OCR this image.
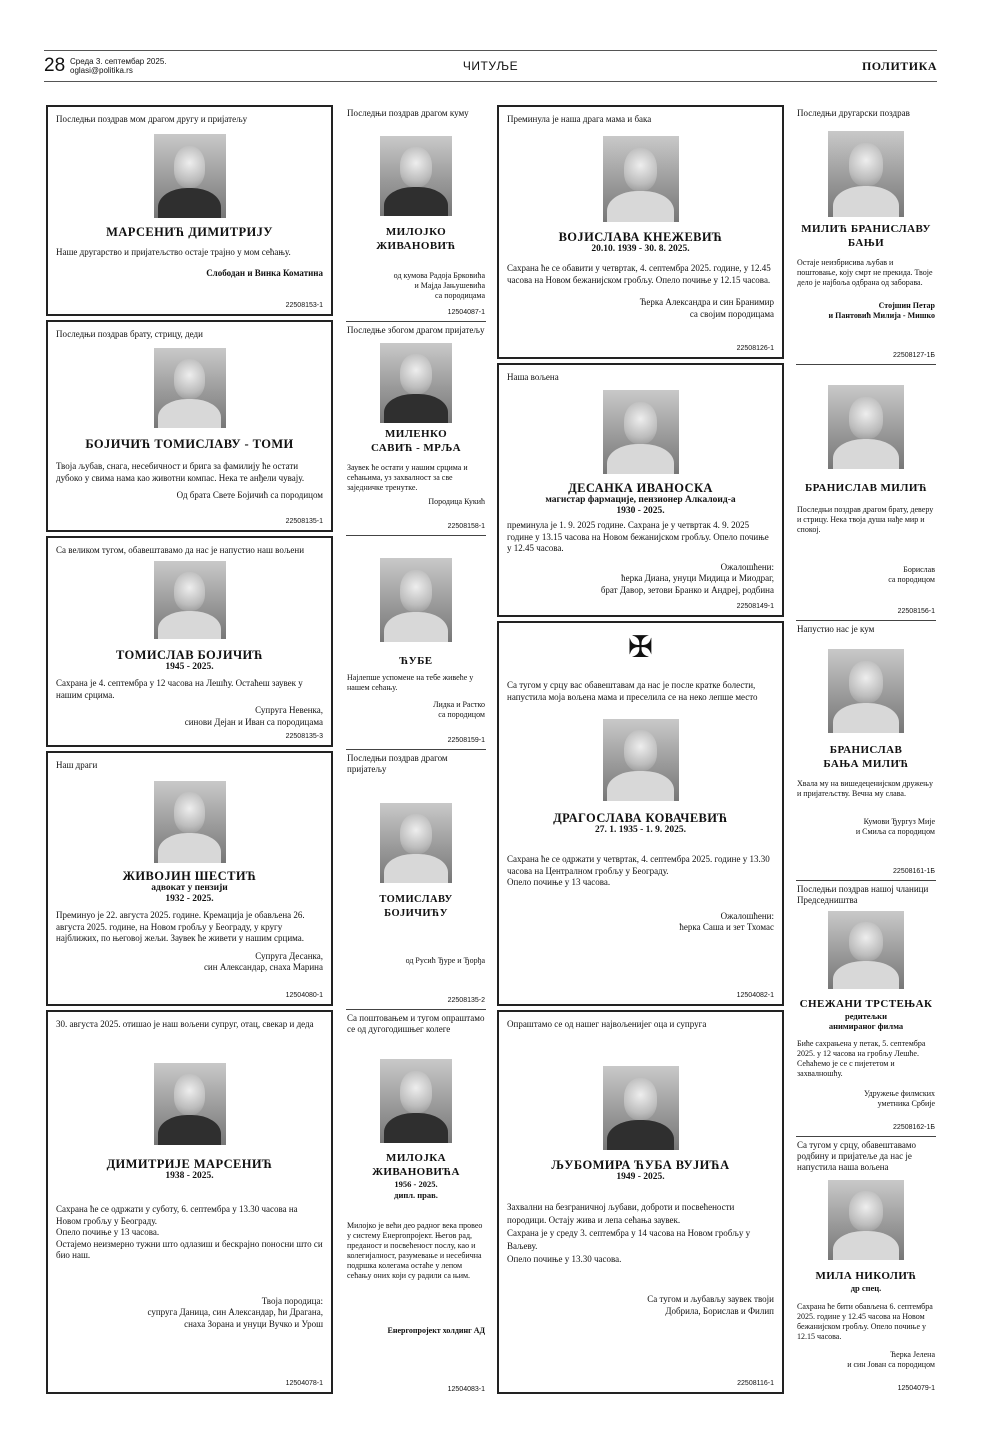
28 Среда 3. септембар 2025.
oglasi@politika.rs	ЧИТУЉЕ	ПОЛИТИКА
Последњи поздрав мом драгом другу и пријатељу
МАРСЕНИЋ ДИМИТРИЈУ
Наше другарство и пријатељство остаје трајно у мом сећању.
Слободан и Винка Коматина
22508153-1
Последњи поздрав брату, стрицу, деди
БОЈИЧИЋ ТОМИСЛАВУ - ТОМИ
Твоја љубав, снага, несебичност и брига за фамилију ће остати дубоко у свима нама као животни компас. Нека те анђели чувају.
Од брата Свете Бојичић са породицом
22508135-1
Са великом тугом, обавештавамо да нас је напустио наш вољени
ТОМИСЛАВ БОЈИЧИЋ
1945 - 2025.
Сахрана је 4. септембра у 12 часова на Лешћу. Остаћеш заувек у нашим срцима.
Супруга Невенка,
синови Дејан и Иван са породицама
22508135-3
Наш драги
ЖИВОЈИН ШЕСТИЋ
адвокат у пензији
1932 - 2025.
Преминуо је 22. августа 2025. године. Кремација је обављена 26. августа 2025. године, на Новом гробљу у Београду, у кругу најближих, по његовој жељи. Заувек ће живети у нашим срцима.
Супруга Десанка,
син Александар, снаха Марина
12504080-1
30. августа 2025. отишао је наш вољени супруг, отац, свекар и деда
ДИМИТРИЈЕ МАРСЕНИЋ
1938 - 2025.
Сахрана ће се одржати у суботу, 6. септембра у 13.30 часова на Новом гробљу у Београду.
Опело почиње у 13 часова.
Остајемо неизмерно тужни што одлазиш и бескрајно поносни што си био наш.
Твоја породица:
супруга Даница, син Александар, ћи Драгана,
снаха Зорана и унуци Вучко и Урош
12504078-1
Последњи поздрав драгом куму
МИЛОЈКО ЖИВАНОВИЋ
од кумова Радоја Брковића
и Мајда Јањушевића
са породицама
12504087-1
Последње збогом драгом пријатељу
МИЛЕНКО
САВИЋ - МРЉА
Заувек ће остати у нашим срцима и сећањима, уз захвалност за све заједничке тренутке.
Породица Кукић
22508158-1
ЋУБЕ
Најлепше успомене на тебе живеће у нашем сећању.
Лидка и Растко
са породицом
22508159-1
Последњи поздрав драгом пријатељу
ТОМИСЛАВУ БОЈИЧИЋУ
од Русић Ђуре и Ђорђа
22508135-2
Са поштовањем и тугом опраштамо се од дугогодишњег колеге
МИЛОЈКА
ЖИВАНОВИЋА
1956 - 2025.
дипл. прав.
Милојко је већи део радног века провео у систему Енергопројект. Његов рад, преданост и посвећеност послу, као и колегијалност, разумевање и несебична подршка колегама остаће у лепом сећању оних који су радили са њим.
Енергопројект холдинг АД
12504083-1
Преминула је наша драга мама и бака
ВОЈИСЛАВА КНЕЖЕВИЋ
20.10. 1939 - 30. 8. 2025.
Сахрана ће се обавити у четвртак, 4. септембра 2025. године, у 12.45 часова на Новом бежанијском гробљу. Опело почиње у 12.15 часова.
Ћерка Александра и син Бранимир
са својим породицама
22508126-1
Наша вољена
ДЕСАНКА ИВАНОСКА
магистар фармације, пензионер Алкалоид-а
1930 - 2025.
преминула је 1. 9. 2025 године. Сахрана је у четвртак 4. 9. 2025 године у 13.15 часова на Новом бежанијском гробљу. Опело почиње у 12.45 часова.
Ожалошћени:
ћерка Диана, унуци Мидица и Миодраг,
брат Давор, зетови Бранко и Андреј, родбина
22508149-1
✠
Са тугом у срцу вас обавештавам да нас је после кратке болести, напустила моја вољена мама и преселила се на неко лепше место
ДРАГОСЛАВА КОВАЧЕВИЋ
27. 1. 1935 - 1. 9. 2025.
Сахрана ће се одржати у четвртак, 4. септембра 2025. године у 13.30 часова на Централном гробљу у Београду.
Опело почиње у 13 часова.
Ожалошћени:
ћерка Саша и зет Тхомас
12504082-1
Опраштамо се од нашег највољенијег оца и супруга
ЉУБОМИРА ЋУБА ВУЈИЋА
1949 - 2025.
Захвални на безграничној љубави, доброти и посвећености породици. Остају жива и лепа сећања заувек.
Сахрана је у среду 3. септембра у 14 часова на Новом гробљу у Ваљеву.
Опело почиње у 13.30 часова.
Са тугом и љубављу заувек твоји
Добрила, Борислав и Филип
22508116-1
Последњи другарски поздрав
МИЛИЋ БРАНИСЛАВУ
БАЊИ
Остаје неизбрисива љубав и поштовање, коју смрт не прекида. Твоје дело је најбоља одбрана од заборава.
Стојшин Петар
и Пантовић Милија - Мишко
22508127-1Б
БРАНИСЛАВ МИЛИЋ
Последњи поздрав драгом брату, деверу и стрицу. Нека твоја душа нађе мир и спокој.
Борислав
са породицом
22508156-1
Напустио нас је кум
БРАНИСЛАВ
БАЊА МИЛИЋ
Хвала му на вишедеценијском дружењу и пријатељству. Вечна му слава.
Кумови Ђургуз Мије
и Смиља са породицом
22508161-1Б
Последњи поздрав нашој чланици Председништва
СНЕЖАНИ ТРСТЕЊАК
редитељки
анимираног филма
Биће сахрањена у петак, 5. септембра 2025. у 12 часова на гробљу Лешће. Сећаћемо је се с пијететом и захвалношћу.
Удружење филмских
уметника Србије
22508162-1Б
Са тугом у срцу, обавештавамо родбину и пријатеље да нас је напустила наша вољена
МИЛА НИКОЛИЋ
др спец.
Сахрана ће бити обављена 6. септембра 2025. године у 12.45 часова на Новом бежанијском гробљу. Опело почиње у 12.15 часова.
Ћерка Јелена
и син Јован са породицом
12504079-1
